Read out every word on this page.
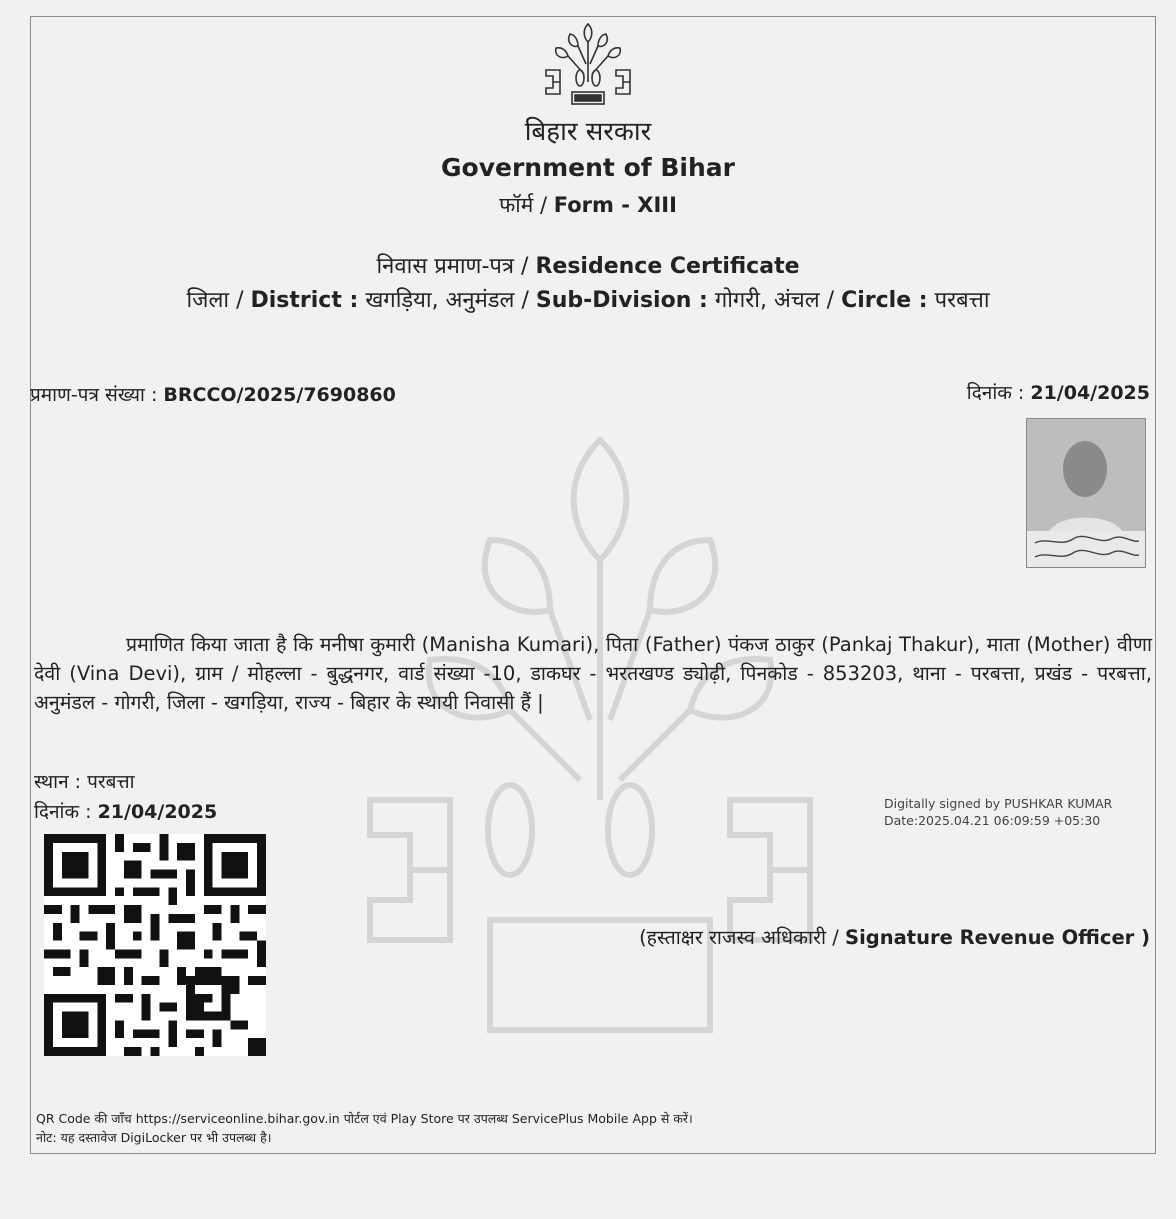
बिहार सरकार
Government of Bihar
फॉर्म / Form - XIII
निवास प्रमाण-पत्र / Residence Certificate
जिला / District : खगड़िया, अनुमंडल / Sub-Division : गोगरी, अंचल / Circle : परबत्ता
प्रमाण-पत्र संख्या : BRCCO/2025/7690860	दिनांक : 21/04/2025
प्रमाणित किया जाता है कि मनीषा कुमारी (Manisha Kumari), पिता (Father) पंकज ठाकुर (Pankaj Thakur), माता (Mother) वीणा देवी (Vina Devi), ग्राम / मोहल्ला - बुद्धनगर, वार्ड संख्या -10, डाकघर - भरतखण्ड ड्योढ़ी, पिनकोड - 853203, थाना - परबत्ता, प्रखंड - परबत्ता, अनुमंडल - गोगरी, जिला - खगड़िया, राज्य - बिहार के स्थायी निवासी हैं |
स्थान : परबत्ता
दिनांक : 21/04/2025	Digitally signed by PUSHKAR KUMAR
Date:2025.04.21 06:09:59 +05:30
(हस्ताक्षर राजस्व अधिकारी / Signature Revenue Officer )
QR Code की जाँच https://serviceonline.bihar.gov.in पोर्टल एवं Play Store पर उपलब्ध ServicePlus Mobile App से करें।
नोट: यह दस्तावेज DigiLocker पर भी उपलब्ध है।
